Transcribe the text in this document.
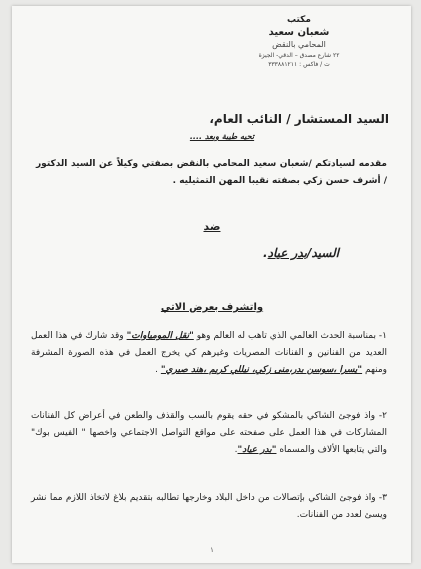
مكتب
شعبان سعيد
المحامي بالنقض
٢٢ شارع مصدق – الدقي- الجيزة
ت / فاكس : ٣٣٣٨٨١٢١١
السيد المستشار / النائب العام،
تحيه طيبة وبعد ....
مقدمه لسيادتكم /شعبان سعيد المحامي بالنقض بصفتي وكيلاً عن السيد الدكتور / أشرف حسن زكي بصفته نقيبا المهن التمثيليه .
ضد
السيد/بدر عياد.
واتشرف بعرض الاتي
١- بمناسبة الحدث العالمي الذي تاهب له العالم وهو "نقل المومياوات" وقد شارك في هذا العمل العديد من الفنانين و الفنانات المصريات وغيرهم كي يخرج العمل في هذه الصورة المشرفة ومنهم "يسرا ،سوسن بدر،منى زكي، نيللي كريم ،هند صبري" .
٢- واذ فوجئ الشاكي بالمشكو في حقه يقوم بالسب والقذف والطعن في أعراض كل الفنانات المشاركات في هذا العمل على صفحته على مواقع التواصل الاجتماعي واخصها " الفيس بوك" والتي يتابعها الألاف والمسماه "بدر عياد".
٣- واذ فوجئ الشاكي بإتصالات من داخل البلاد وخارجها تطالبه بتقديم بلاغ لاتخاذ اللازم مما نشر ويسئ لعدد من الفنانات.
١
